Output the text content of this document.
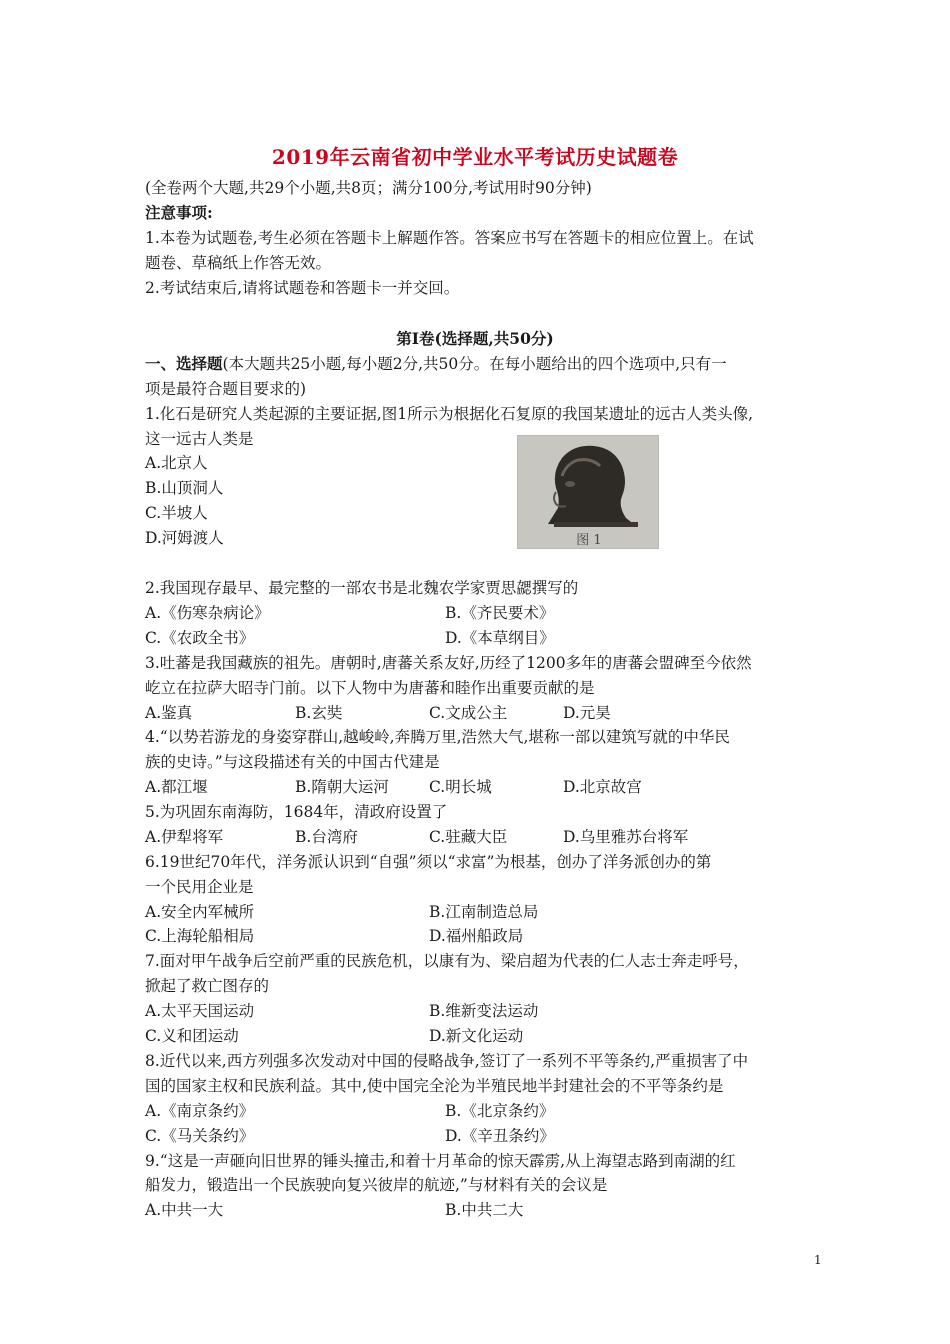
2019年云南省初中学业水平考试历史试题卷
(全卷两个大题,共29个小题,共8页；满分100分,考试用时90分钟)
注意事项:
1.本卷为试题卷,考生必须在答题卡上解题作答。答案应书写在答题卡的相应位置上。在试
题卷、草稿纸上作答无效。
2.考试结束后,请将试题卷和答题卡一并交回。
第Ⅰ卷(选择题,共50分)
一、选择题(本大题共25小题,每小题2分,共50分。在每小题给出的四个选项中,只有一
项是最符合题目要求的)
1.化石是研究人类起源的主要证据,图1所示为根据化石复原的我国某遗址的远古人类头像,
这一远古人类是
A.北京人
B.山顶洞人
C.半坡人
D.河姆渡人	图 1
2.我国现存最早、最完整的一部农书是北魏农学家贾思勰撰写的
A.《伤寒杂病论》	B.《齐民要术》
C.《农政全书》	D.《本草纲目》
3.吐蕃是我国藏族的祖先。唐朝时,唐蕃关系友好,历经了1200多年的唐蕃会盟碑至今依然
屹立在拉萨大昭寺门前。以下人物中为唐蕃和睦作出重要贡献的是
A.鉴真	B.玄奘	C.文成公主	D.元昊
4.“以势若游龙的身姿穿群山,越峻岭,奔腾万里,浩然大气,堪称一部以建筑写就的中华民
族的史诗。”与这段描述有关的中国古代建是
A.都江堰	B.隋朝大运河	C.明长城	D.北京故宫
5.为巩固东南海防，1684年，清政府设置了
A.伊犁将军	B.台湾府	C.驻藏大臣	D.乌里雅苏台将军
6.19世纪70年代，洋务派认识到“自强”须以“求富”为根基，创办了洋务派创办的第
一个民用企业是
A.安全内军械所	B.江南制造总局
C.上海轮船相局	D.福州船政局
7.面对甲午战争后空前严重的民族危机，以康有为、梁启超为代表的仁人志士奔走呼号，
掀起了救亡图存的
A.太平天国运动	B.维新变法运动
C.义和团运动	D.新文化运动
8.近代以来,西方列强多次发动对中国的侵略战争,签订了一系列不平等条约,严重损害了中
国的国家主权和民族利益。其中,使中国完全沦为半殖民地半封建社会的不平等条约是
A.《南京条约》	B.《北京条约》
C.《马关条约》	D.《辛丑条约》
9.“这是一声砸向旧世界的锤头撞击,和着十月革命的惊天霹雳,从上海望志路到南湖的红
船发力，锻造出一个民族驶向复兴彼岸的航迹,”与材料有关的会议是
A.中共一大	B.中共二大
1
